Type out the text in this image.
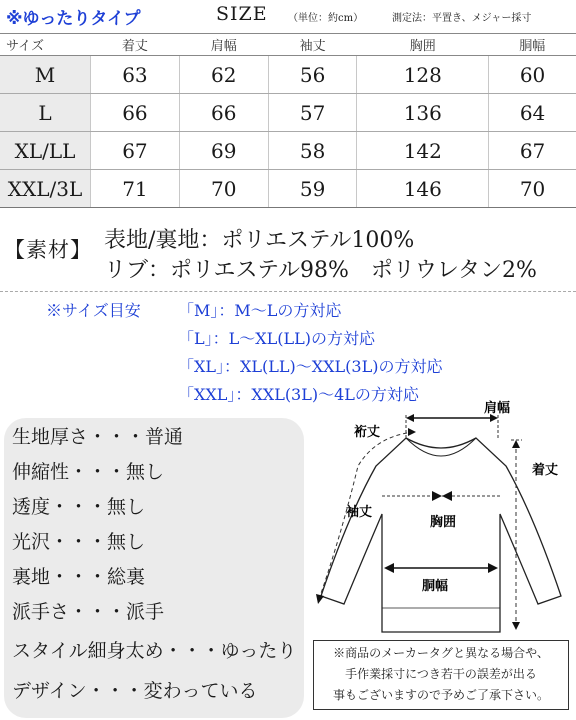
※ゆったりタイプ	SIZE （単位：約cm）	測定法：平置き、メジャー採寸
サイズ	着丈	肩幅	袖丈	胸囲	胴幅
M	63	62	56	128	60
L	66	66	57	136	64
XL/LL	67	69	58	142	67
XXL/3L	71	70	59	146	70
【素材】 表地/裏地：ポリエステル100%
リブ：ポリエステル98%　ポリウレタン2%
※サイズ目安 「M」：M～Lの方対応
「L」：L～XL(LL)の方対応
「XL」：XL(LL)～XXL(3L)の方対応
「XXL」：XXL(3L)～4Lの方対応
生地厚さ・・・普通
伸縮性・・・無し
透度・・・無し
光沢・・・無し
裏地・・・総裏
派手さ・・・派手
スタイル細身太め・・・ゆったり
デザイン・・・変わっている
肩幅
着丈
裄丈
袖丈
胸囲
胴幅
※商品のメーカータグと異なる場合や、
手作業採寸につき若干の誤差が出る
事もございますので予めご了承下さい。
